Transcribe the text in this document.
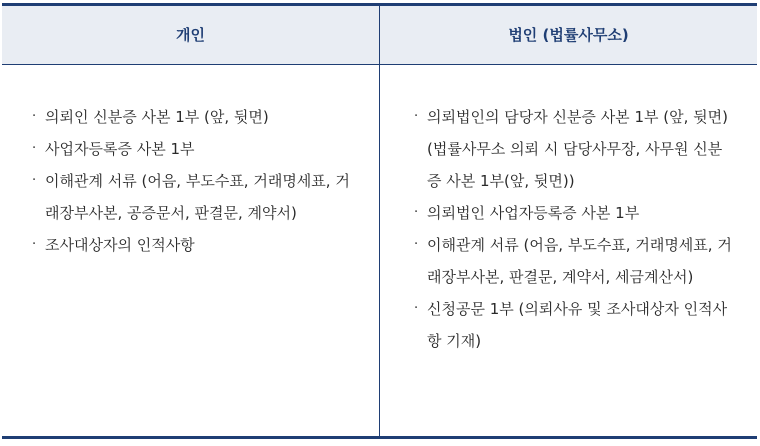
개인	법인 (법률사무소)
· 의뢰인 신분증 사본 1부 (앞, 뒷면)
· 사업자등록증 사본 1부
· 이해관계 서류 (어음, 부도수표, 거래명세표, 거래장부사본, 공증문서, 판결문, 계약서)
· 조사대상자의 인적사항
· 의뢰법인의 담당자 신분증 사본 1부 (앞, 뒷면) (법률사무소 의뢰 시 담당사무장, 사무원 신분증 사본 1부(앞, 뒷면))
· 의뢰법인 사업자등록증 사본 1부
· 이해관계 서류 (어음, 부도수표, 거래명세표, 거래장부사본, 판결문, 계약서, 세금계산서)
· 신청공문 1부 (의뢰사유 및 조사대상자 인적사항 기재)
